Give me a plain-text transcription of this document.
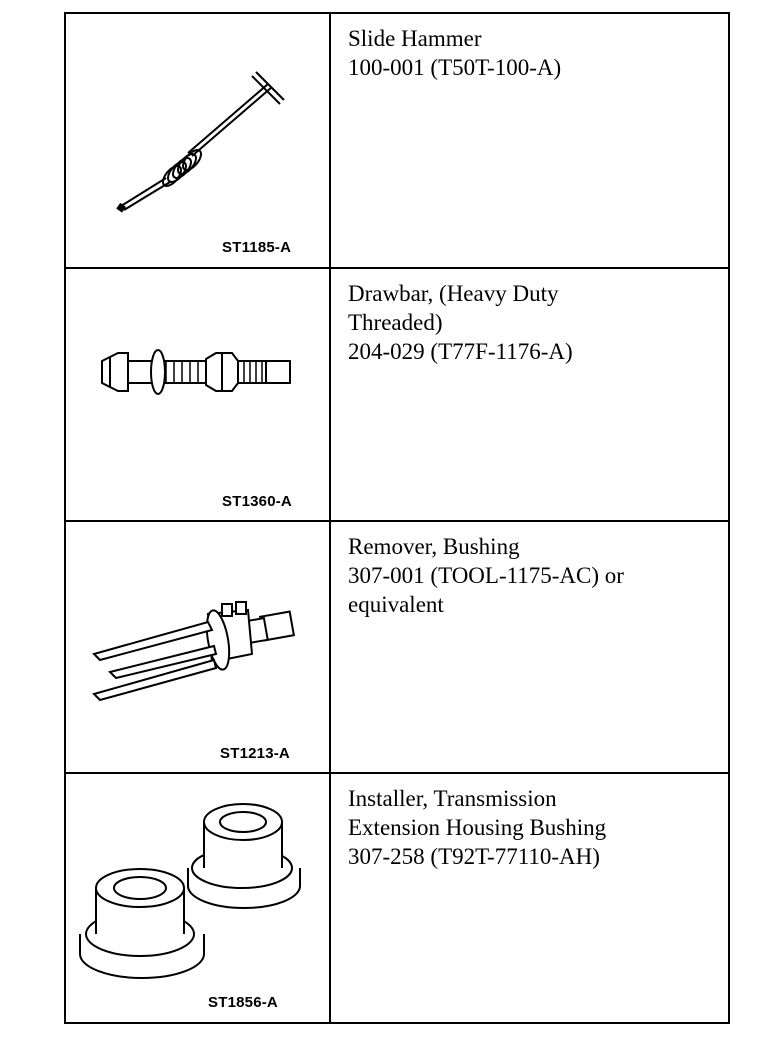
ST1185-A
Slide Hammer
100-001 (T50T-100-A)
ST1360-A
Drawbar, (Heavy Duty
Threaded)
204-029 (T77F-1176-A)
ST1213-A
Remover, Bushing
307-001 (TOOL-1175-AC) or
equivalent
ST1856-A
Installer, Transmission
Extension Housing Bushing
307-258 (T92T-77110-AH)
